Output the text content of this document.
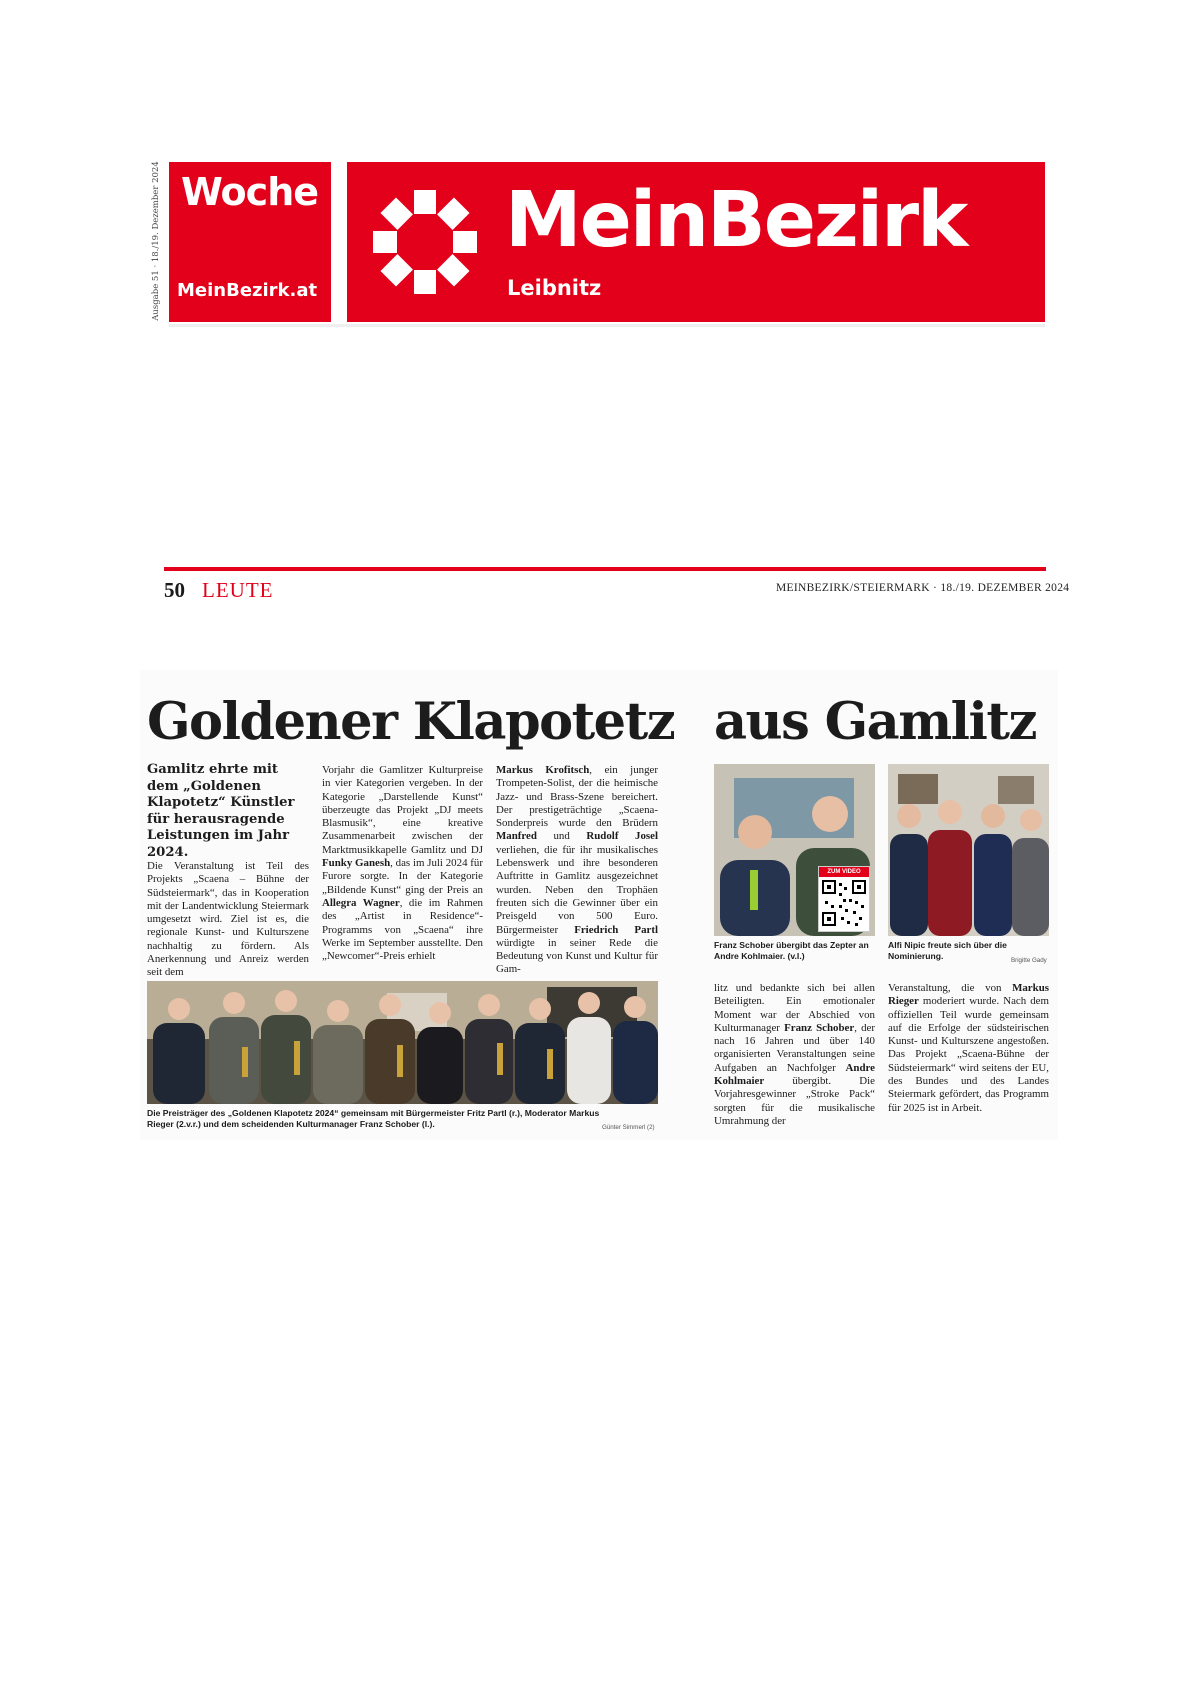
Ausgabe 51 · 18./19. Dezember 2024 Woche
MeinBezirk.at
MeinBezirk
Leibnitz
50 LEUTE	MEINBEZIRK/STEIERMARK · 18./19. DEZEMBER 2024
Goldener Klapotetz aus Gamlitz
Gamlitz ehrte mit dem „Goldenen Klapotetz“ Künstler für herausragende Leistungen im Jahr 2024.

Die Veranstaltung ist Teil des Projekts „Scaena – Bühne der Südsteiermark“, das in Kooperation mit der Landentwicklung Steiermark umgesetzt wird. Ziel ist es, die regionale Kunst- und Kulturszene nachhaltig zu fördern. Als Anerkennung und Anreiz werden seit dem

Vorjahr die Gamlitzer Kulturpreise in vier Kategorien vergeben. In der Kategorie „Darstellende Kunst“ überzeugte das Projekt „DJ meets Blasmusik“, eine kreative Zusammenarbeit zwischen der Marktmusikkapelle Gamlitz und DJ Funky Ganesh, das im Juli 2024 für Furore sorgte. In der Kategorie „Bildende Kunst“ ging der Preis an Allegra Wagner, die im Rahmen des „Artist in Residence“-Programms von „Scaena“ ihre Werke im September ausstellte. Den „Newcomer“-Preis erhielt

Markus Krofitsch, ein junger Trompeten-Solist, der die heimische Jazz- und Brass-Szene bereichert. Der prestigeträchtige „Scaena-Sonderpreis wurde den Brüdern Manfred und Rudolf Josel verliehen, die für ihr musikalisches Lebenswerk und ihre besonderen Auftritte in Gamlitz ausgezeichnet wurden. Neben den Trophäen freuten sich die Gewinner über ein Preisgeld von 500 Euro. Bürgermeister Friedrich Partl würdigte in seiner Rede die Bedeutung von Kunst und Kultur für Gam-

Die Preisträger des „Goldenen Klapotetz 2024“ gemeinsam mit Bürgermeister Fritz Partl (r.), Moderator Markus Rieger (2.v.r.) und dem scheidenden Kulturmanager Franz Schober (l.).	Günter Simmerl (2)
ZUM VIDEO
Franz Schober übergibt das Zepter an Andre Kohlmaier. (v.l.)
Alfi Nipic freute sich über die Nominierung.	Brigitte Gady

litz und bedankte sich bei allen Beteiligten. Ein emotionaler Moment war der Abschied von Kulturmanager Franz Schober, der nach 16 Jahren und über 140 organisierten Veranstaltungen seine Aufgaben an Nachfolger Andre Kohlmaier übergibt. Die Vorjahresgewinner „Stroke Pack“ sorgten für die musikalische Umrahmung der

Veranstaltung, die von Markus Rieger moderiert wurde. Nach dem offiziellen Teil wurde gemeinsam auf die Erfolge der südsteirischen Kunst- und Kulturszene angestoßen. Das Projekt „Scaena-Bühne der Südsteiermark“ wird seitens der EU, des Bundes und des Landes Steiermark gefördert, das Programm für 2025 ist in Arbeit.
